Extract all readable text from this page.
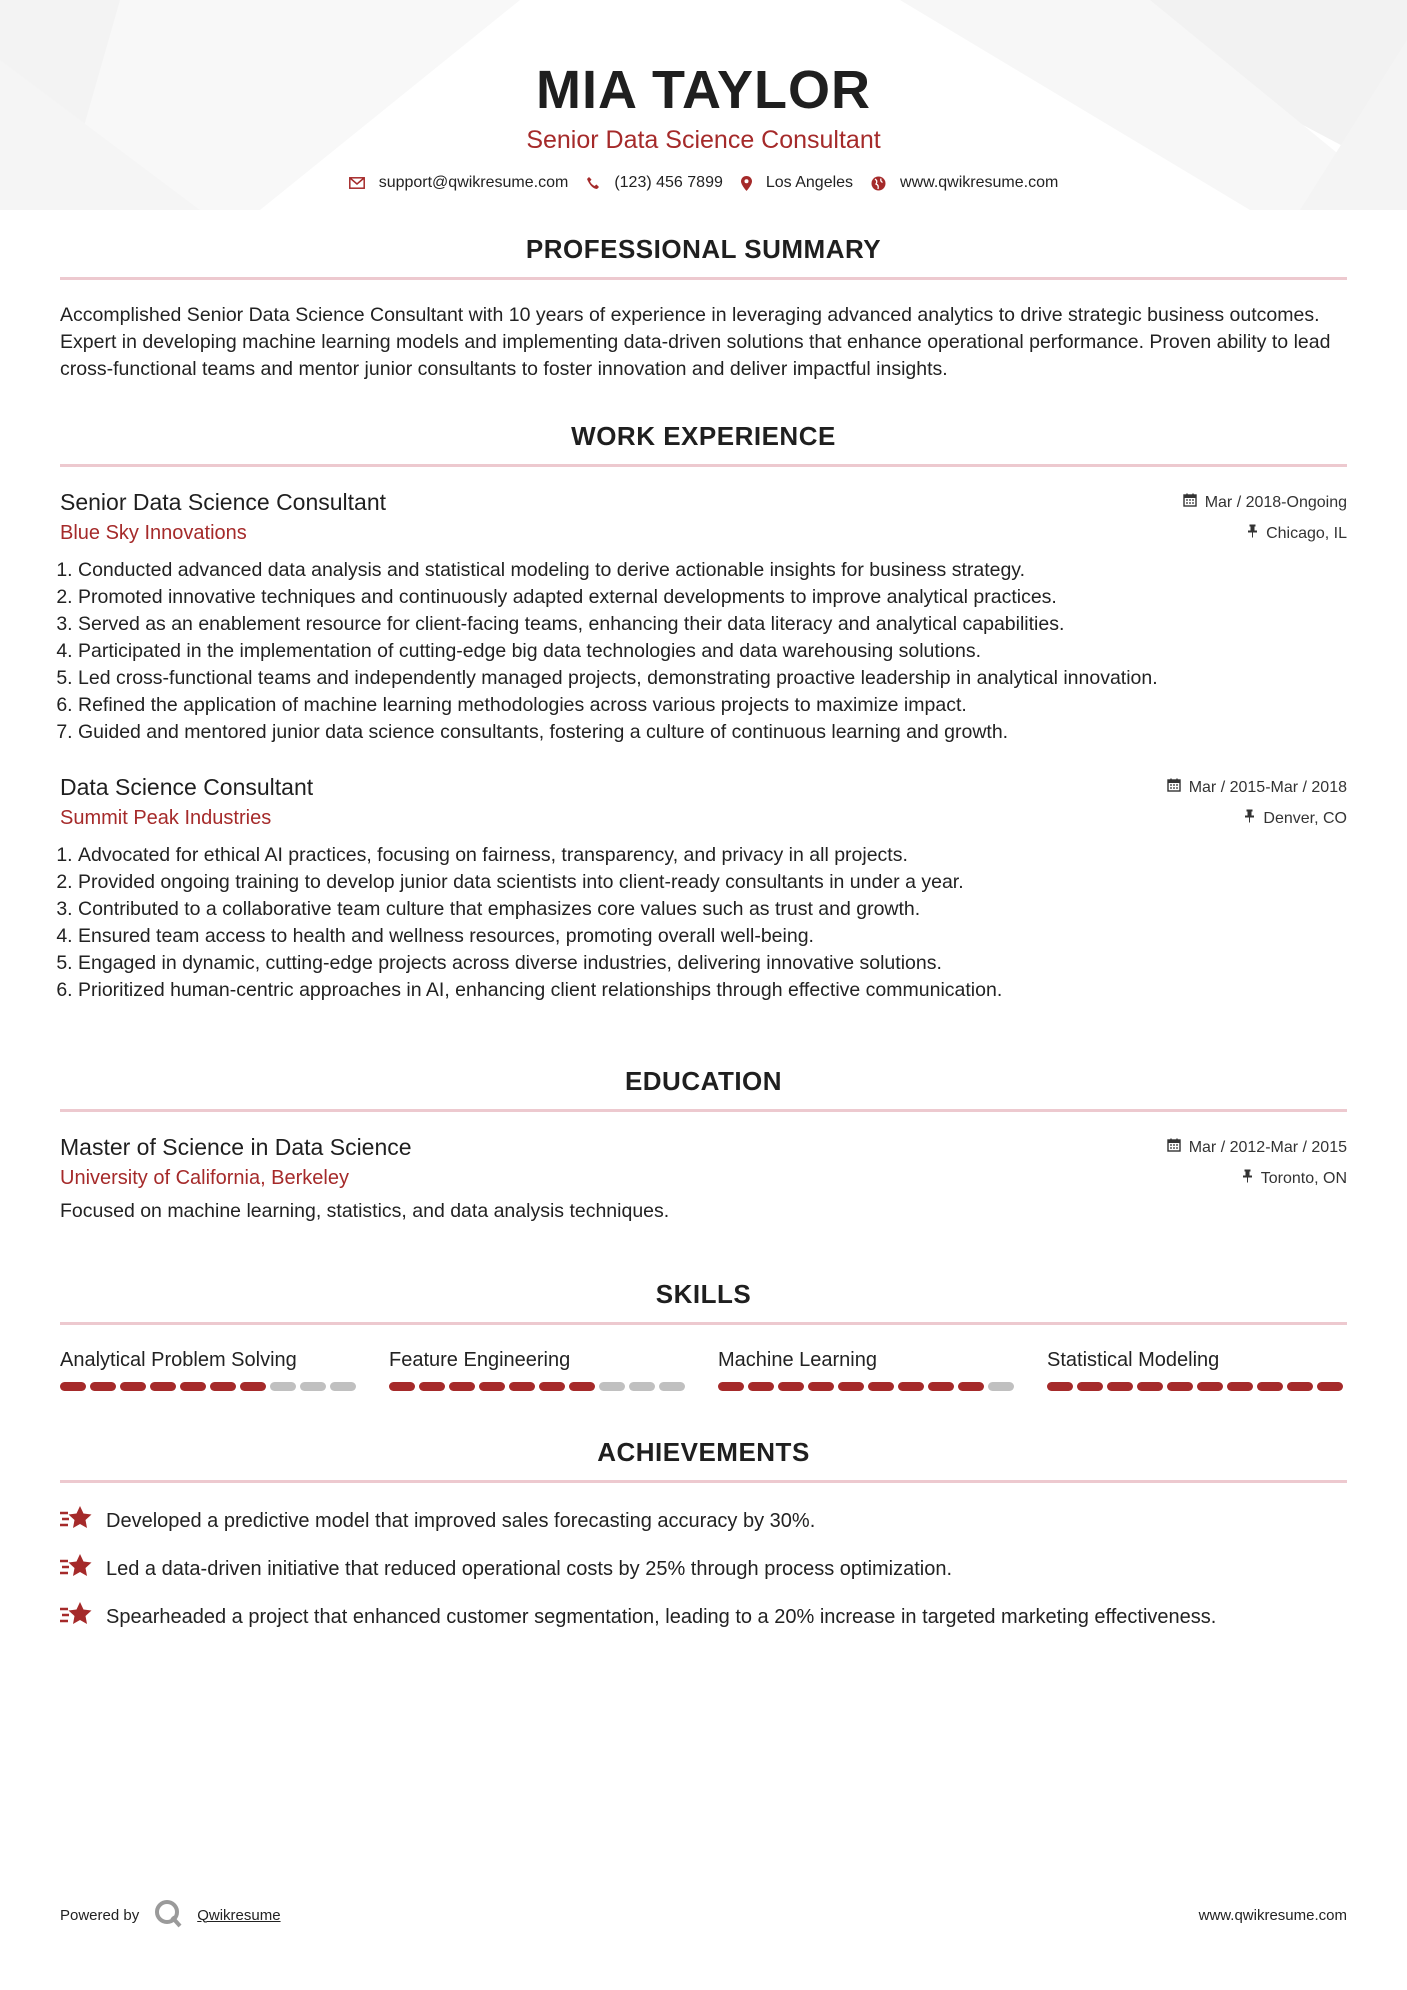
MIA TAYLOR
Senior Data Science Consultant
support@qwikresume.com	(123) 456 7899	Los Angeles	www.qwikresume.com
PROFESSIONAL SUMMARY
Accomplished Senior Data Science Consultant with 10 years of experience in leveraging advanced analytics to drive strategic business outcomes. Expert in developing machine learning models and implementing data-driven solutions that enhance operational performance. Proven ability to lead cross-functional teams and mentor junior consultants to foster innovation and deliver impactful insights.
WORK EXPERIENCE
Senior Data Science Consultant	Mar / 2018-Ongoing
Blue Sky Innovations	Chicago, IL
1. Conducted advanced data analysis and statistical modeling to derive actionable insights for business strategy.
2. Promoted innovative techniques and continuously adapted external developments to improve analytical practices.
3. Served as an enablement resource for client-facing teams, enhancing their data literacy and analytical capabilities.
4. Participated in the implementation of cutting-edge big data technologies and data warehousing solutions.
5. Led cross-functional teams and independently managed projects, demonstrating proactive leadership in analytical innovation.
6. Refined the application of machine learning methodologies across various projects to maximize impact.
7. Guided and mentored junior data science consultants, fostering a culture of continuous learning and growth.
Data Science Consultant	Mar / 2015-Mar / 2018
Summit Peak Industries	Denver, CO
1. Advocated for ethical AI practices, focusing on fairness, transparency, and privacy in all projects.
2. Provided ongoing training to develop junior data scientists into client-ready consultants in under a year.
3. Contributed to a collaborative team culture that emphasizes core values such as trust and growth.
4. Ensured team access to health and wellness resources, promoting overall well-being.
5. Engaged in dynamic, cutting-edge projects across diverse industries, delivering innovative solutions.
6. Prioritized human-centric approaches in AI, enhancing client relationships through effective communication.
EDUCATION
Master of Science in Data Science	Mar / 2012-Mar / 2015
University of California, Berkeley	Toronto, ON
Focused on machine learning, statistics, and data analysis techniques.
SKILLS
Analytical Problem Solving	Feature Engineering	Machine Learning	Statistical Modeling
ACHIEVEMENTS
Developed a predictive model that improved sales forecasting accuracy by 30%.
Led a data-driven initiative that reduced operational costs by 25% through process optimization.
Spearheaded a project that enhanced customer segmentation, leading to a 20% increase in targeted marketing effectiveness.
Powered by	Qwikresume	www.qwikresume.com
